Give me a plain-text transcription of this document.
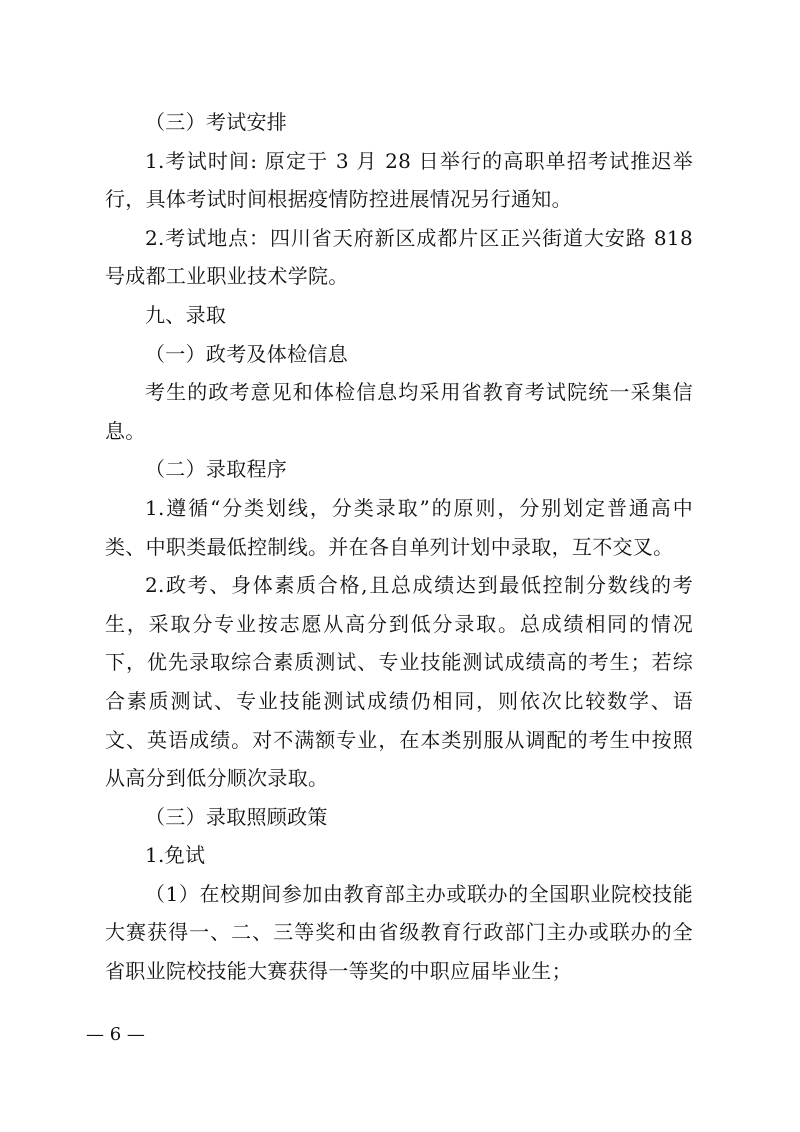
（三）考试安排

1.考试时间: 原定于 3 月 28 日举行的高职单招考试推迟举行，具体考试时间根据疫情防控进展情况另行通知。

2.考试地点：四川省天府新区成都片区正兴街道大安路 818 号成都工业职业技术学院。

九、录取

（一）政考及体检信息

考生的政考意见和体检信息均采用省教育考试院统一采集信息。

（二）录取程序

1.遵循“分类划线，分类录取”的原则，分别划定普通高中类、中职类最低控制线。并在各自单列计划中录取，互不交叉。

2.政考、身体素质合格,且总成绩达到最低控制分数线的考生，采取分专业按志愿从高分到低分录取。总成绩相同的情况下，优先录取综合素质测试、专业技能测试成绩高的考生；若综合素质测试、专业技能测试成绩仍相同，则依次比较数学、语文、英语成绩。对不满额专业，在本类别服从调配的考生中按照从高分到低分顺次录取。

（三）录取照顾政策

1.免试

（1）在校期间参加由教育部主办或联办的全国职业院校技能大赛获得一、二、三等奖和由省级教育行政部门主办或联办的全省职业院校技能大赛获得一等奖的中职应届毕业生；

— 6 —
